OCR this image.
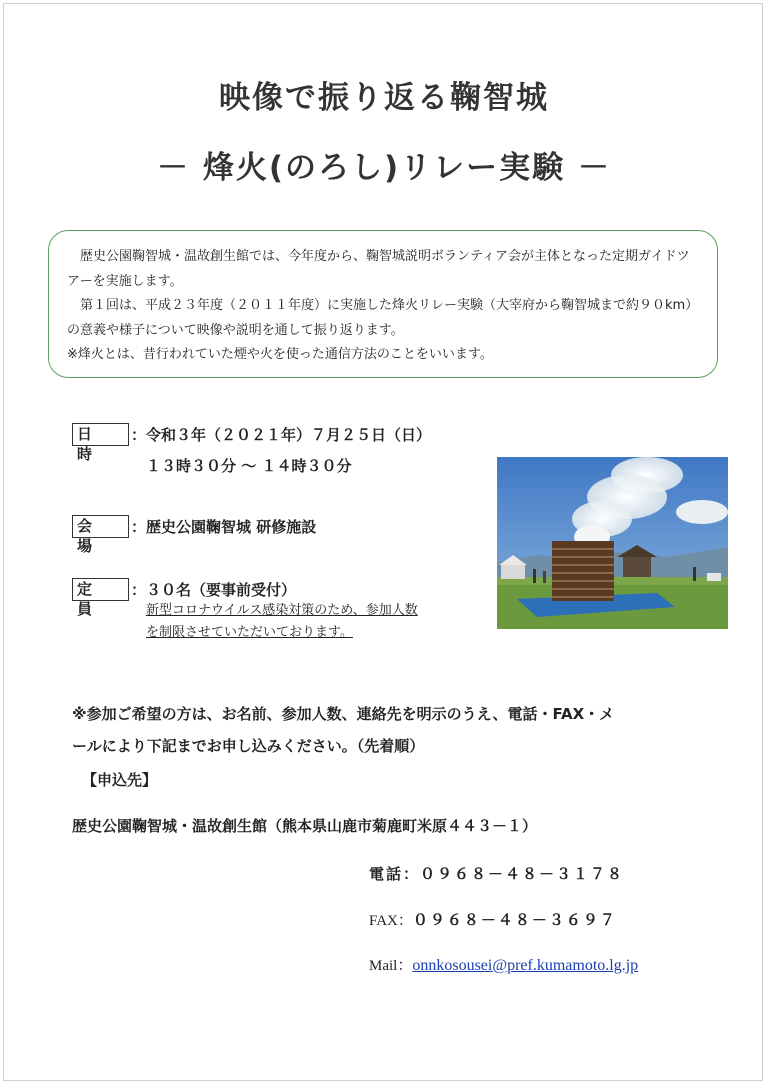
映像で振り返る鞠智城
－ 烽火(のろし)リレー実験 －

歴史公園鞠智城・温故創生館では、今年度から、鞠智城説明ボランティア会が主体となった定期ガイドツアーを実施します。

第１回は、平成２３年度（２０１１年度）に実施した烽火リレー実験（大宰府から鞠智城まで約９０km）の意義や様子について映像や説明を通して振り返ります。

※烽火とは、昔行われていた煙や火を使った通信方法のことをいいます。

日 時
： 令和３年（２０２１年）７月２５日（日）
１３時３０分 ～ １４時３０分
会 場
： 歴史公園鞠智城 研修施設
定 員
： ３０名（要事前受付）
新型コロナウイルス感染対策のため、参加人数
を制限させていただいております。
※参加ご希望の方は、お名前、参加人数、連絡先を明示のうえ、電話・FAX・メ
ールにより下記までお申し込みください。（先着順）
【申込先】
歴史公園鞠智城・温故創生館（熊本県山鹿市菊鹿町米原４４３－１）
電話：０９６８－４８－３１７８
FAX：０９６８－４８－３６９７
Mail：onnkosousei@pref.kumamoto.lg.jp
